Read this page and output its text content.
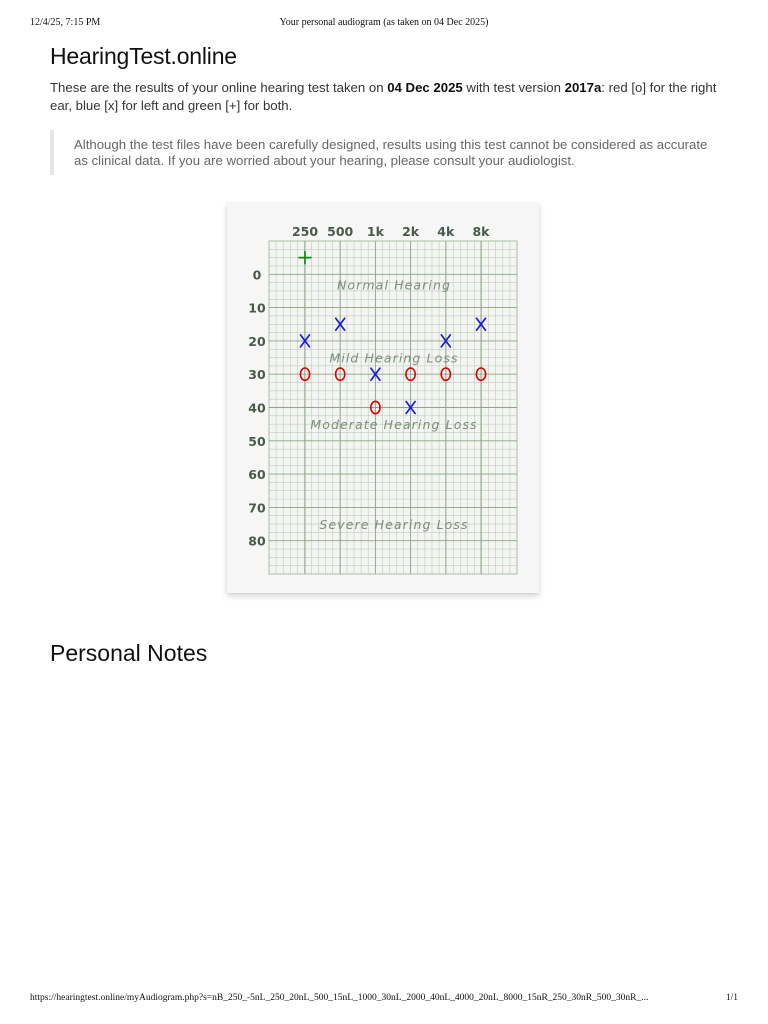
12/4/25, 7:15 PM	Your personal audiogram (as taken on 04 Dec 2025)
HearingTest.online

These are the results of your online hearing test taken on 04 Dec 2025 with test version 2017a: red [o] for the right ear, blue [x] for left and green [+] for both.

Although the test files have been carefully designed, results using this test cannot be considered as accurate as clinical data. If you are worried about your hearing, please consult your audiologist.
Normal Hearing
Mild Hearing Loss
Moderate Hearing Loss
Severe Hearing Loss
250 500 1k 2k 4k 8k
0
10
20
30
40
50
60
70
80
Personal Notes
https://hearingtest.online/myAudiogram.php?s=nB_250_-5nL_250_20nL_500_15nL_1000_30nL_2000_40nL_4000_20nL_8000_15nR_250_30nR_500_30nR_...	1/1
